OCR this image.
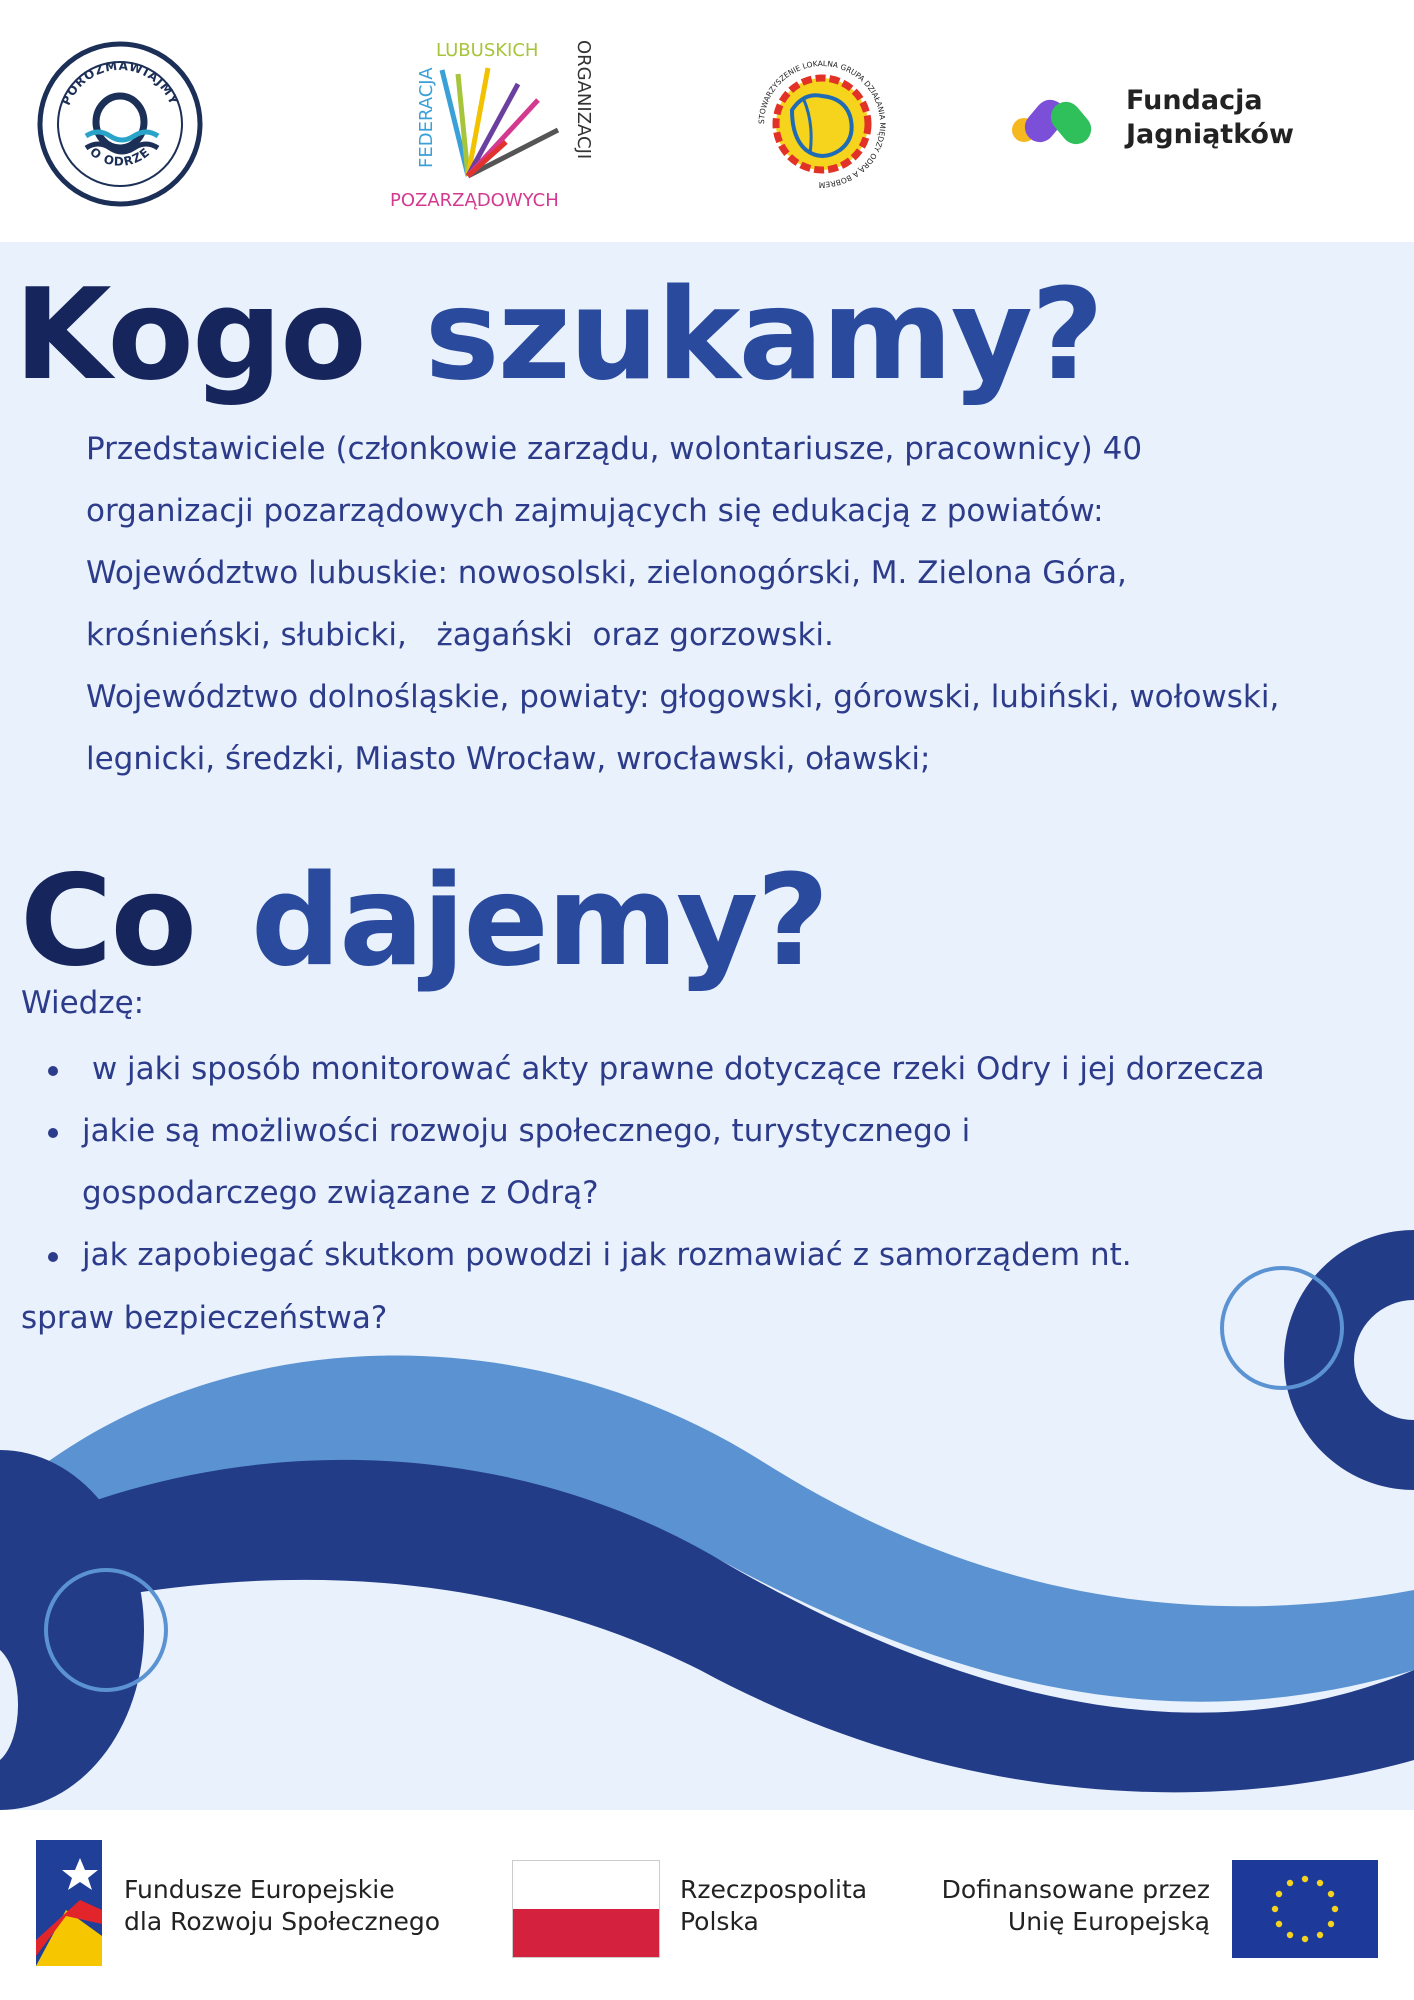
POROZMAWIAJMY
O ODRZE
LUBUSKICH
FEDERACJA	ORGANIZACJI
POZARZĄDOWYCH
STOWARZYSZENIE LOKALNA GRUPA DZIAŁANIA MIĘDZY ODRĄ A BOBREM
Fundacja
Jagniątków
Kogo szukamy?

Przedstawiciele (członkowie zarządu, wolontariusze, pracownicy) 40

organizacji pozarządowych zajmujących się edukacją z powiatów:

Województwo lubuskie: nowosolski, zielonogórski, M. Zielona Góra,

krośnieński, słubicki,   żagański  oraz gorzowski.

Województwo dolnośląskie, powiaty: głogowski, górowski, lubiński, wołowski,

legnicki, średzki, Miasto Wrocław, wrocławski, oławski;

Co dajemy?
Wiedzę:
w jaki sposób monitorować akty prawne dotyczące rzeki Odry i jej dorzecza
jakie są możliwości rozwoju społecznego, turystycznego i gospodarczego związane z Odrą?
jak zapobiegać skutkom powodzi i jak rozmawiać z samorządem nt.
spraw bezpieczeństwa?
Fundusze Europejskie
dla Rozwoju Społecznego
Rzeczpospolita
Polska
Dofinansowane przez
Unię Europejską
